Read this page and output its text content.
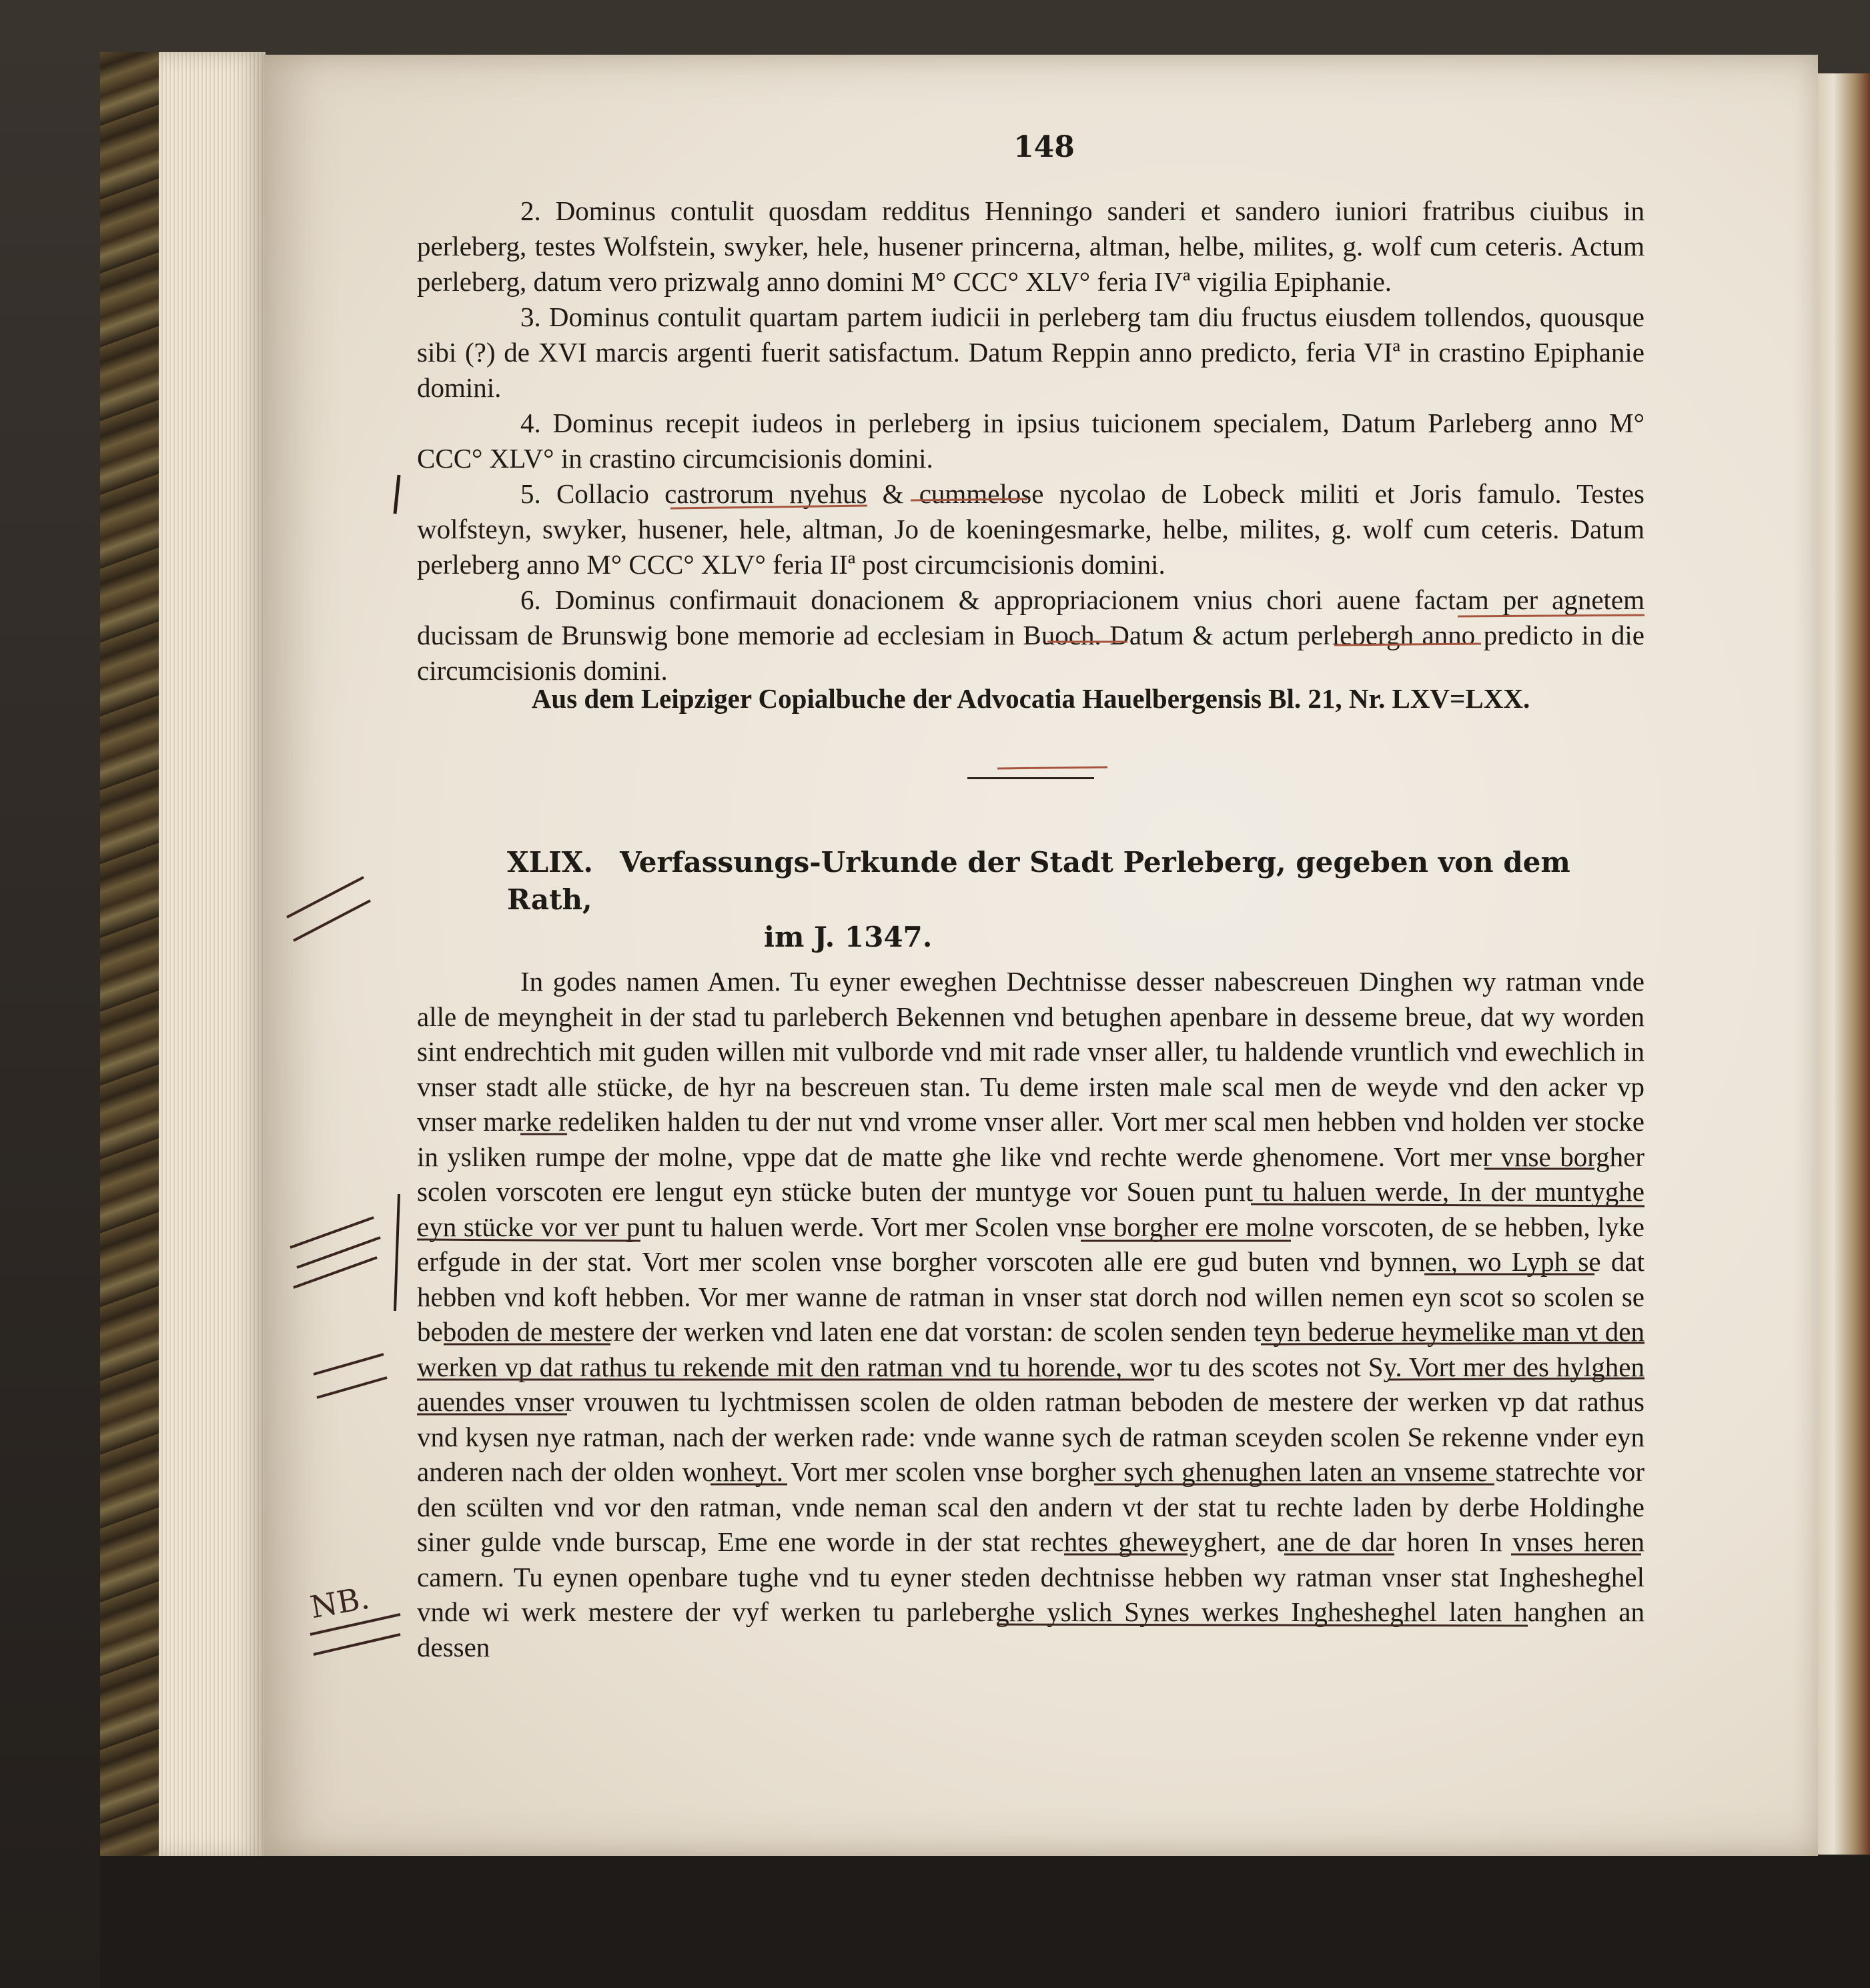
148

2. Dominus contulit quosdam redditus Henningo sanderi et sandero iuniori fratribus ciuibus in perleberg, testes Wolfstein, swyker, hele, husener princerna, altman, helbe, milites, g. wolf cum ceteris. Actum perleberg, datum vero prizwalg anno domini M° CCC° XLV° feria IVª vigilia Epiphanie.

3. Dominus contulit quartam partem iudicii in perleberg tam diu fructus eiusdem tollendos, quousque sibi (?) de XVI marcis argenti fuerit satisfactum. Datum Reppin anno predicto, feria VIª in crastino Epiphanie domini.

4. Dominus recepit iudeos in perleberg in ipsius tuicionem specialem, Datum Parleberg anno M° CCC° XLV° in crastino circumcisionis domini.

5. Collacio castrorum nyehus & cummelose nycolao de Lobeck militi et Joris famulo. Testes wolfsteyn, swyker, husener, hele, altman, Jo de koeningesmarke, helbe, milites, g. wolf cum ceteris. Datum perleberg anno M° CCC° XLV° feria IIª post circumcisionis domini.

6. Dominus confirmauit donacionem & appropriacionem vnius chori auene factam per agnetem ducissam de Brunswig bone memorie ad ecclesiam in Buoch. Datum & actum perlebergh anno predicto in die circumcisionis domini.

Aus dem Leipziger Copialbuche der Advocatia Hauelbergensis Bl. 21, Nr. LXV=LXX.
XLIX. Verfassungs-Urkunde der Stadt Perleberg, gegeben von dem Rath,
im J. 1347.

In godes namen Amen. Tu eyner eweghen Dechtnisse desser nabescreuen Dinghen wy ratman vnde alle de meyngheit in der stad tu parleberch Bekennen vnd betughen apenbare in desseme breue, dat wy worden sint endrechtich mit guden willen mit vulborde vnd mit rade vnser aller, tu haldende vruntlich vnd ewechlich in vnser stadt alle stücke, de hyr na bescreuen stan. Tu deme irsten male scal men de weyde vnd den acker vp vnser marke redeliken halden tu der nut vnd vrome vnser aller. Vort mer scal men hebben vnd holden ver stocke in ysliken rumpe der molne, vppe dat de matte ghe like vnd rechte werde ghenomene. Vort mer vnse borgher scolen vorscoten ere lengut eyn stücke buten der muntyge vor Souen punt tu haluen werde, In der muntyghe eyn stücke vor ver punt tu haluen werde. Vort mer Scolen vnse borgher ere molne vorscoten, de se hebben, lyke erfgude in der stat. Vort mer scolen vnse borgher vorscoten alle ere gud buten vnd bynnen, wo Lyph se dat hebben vnd koft hebben. Vor mer wanne de ratman in vnser stat dorch nod willen nemen eyn scot so scolen se beboden de mestere der werken vnd laten ene dat vorstan: de scolen senden teyn bederue heymelike man vt den werken vp dat rathus tu rekende mit den ratman vnd tu horende, wor tu des scotes not Sy. Vort mer des hylghen auendes vnser vrouwen tu lychtmissen scolen de olden ratman beboden de mestere der werken vp dat rathus vnd kysen nye ratman, nach der werken rade: vnde wanne sych de ratman sceyden scolen Se rekenne vnder eyn anderen nach der olden wonheyt. Vort mer scolen vnse borgher sych ghenughen laten an vnseme statrechte vor den scülten vnd vor den ratman, vnde neman scal den andern vt der stat tu rechte laden by derbe Holdinghe siner gulde vnde burscap, Eme ene worde in der stat rechtes gheweyghert, ane de dar horen In vnses heren camern. Tu eynen openbare tughe vnd tu eyner steden dechtnisse hebben wy ratman vnser stat Inghesheghel vnde wi werk mestere der vyf werken tu parleberghe yslich Synes werkes Inghesheghel laten hanghen an dessen

NB.
